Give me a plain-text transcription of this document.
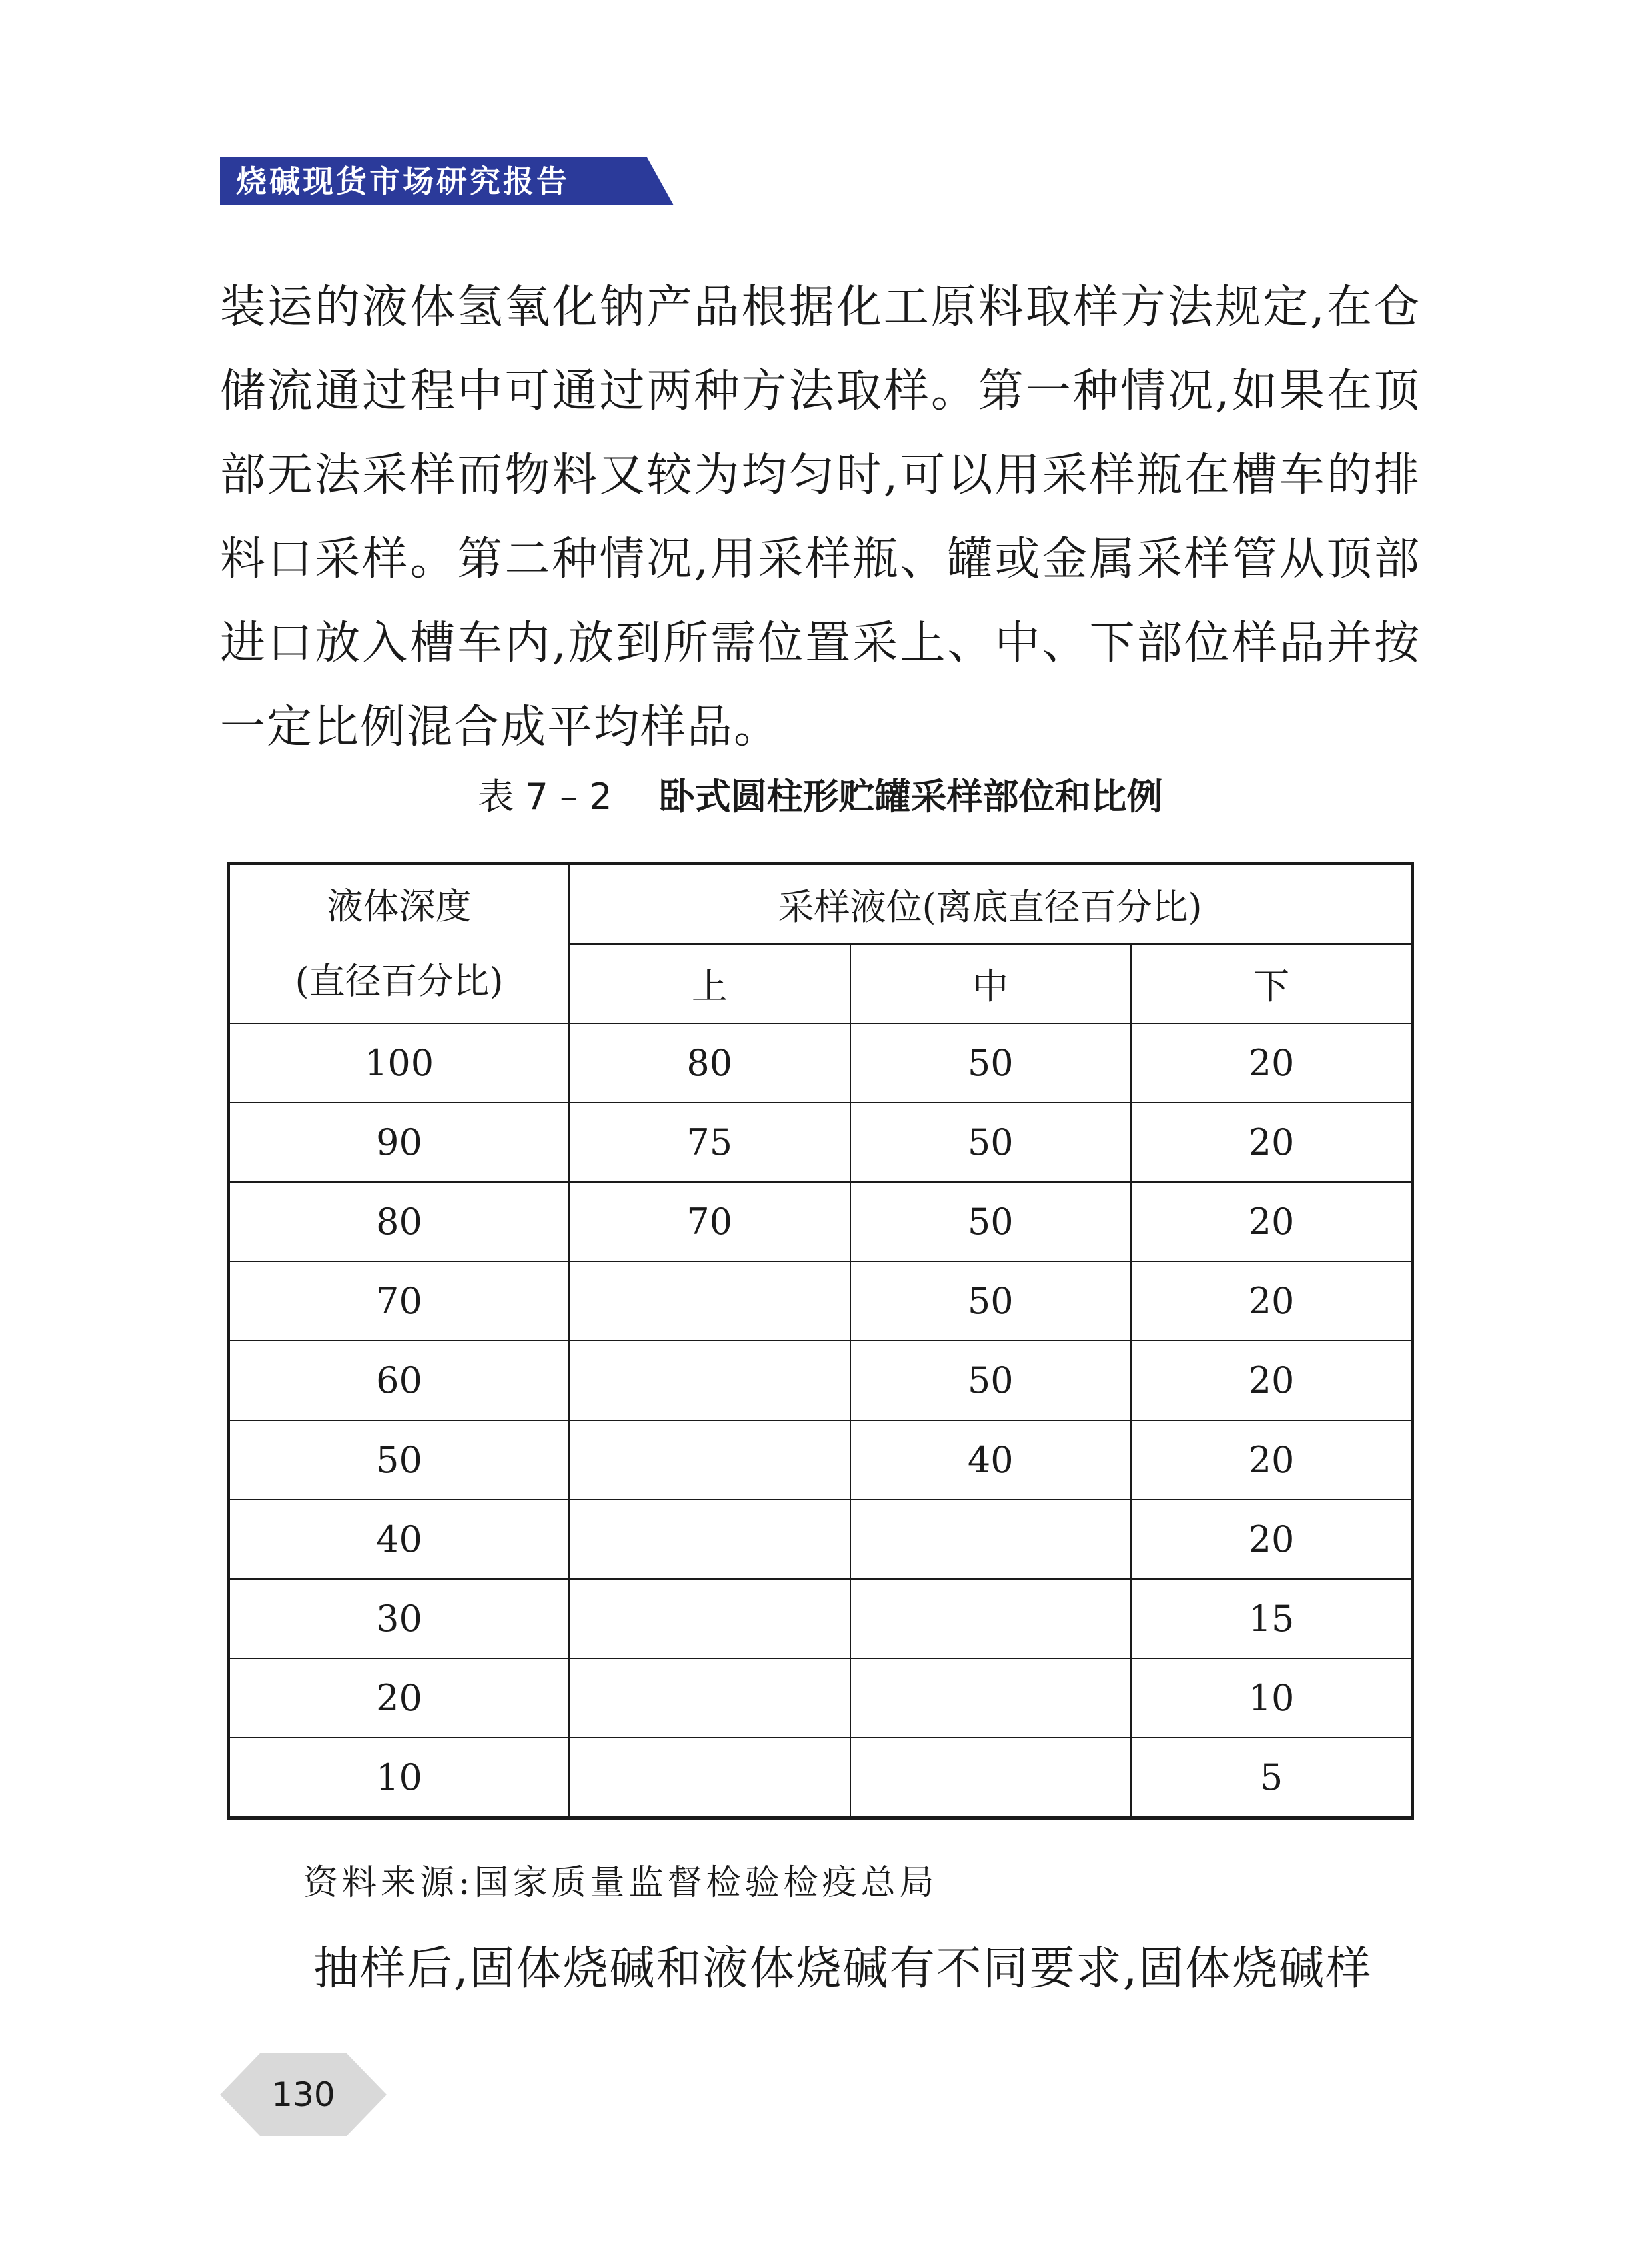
烧碱现货市场研究报告

装运的液体氢氧化钠产品根据化工原料取样方法规定,在仓储流通过程中可通过两种方法取样。第一种情况,如果在顶部无法采样而物料又较为均匀时,可以用采样瓶在槽车的排料口采样。第二种情况,用采样瓶、罐或金属采样管从顶部进口放入槽车内,放到所需位置采上、中、下部位样品并按一定比例混合成平均样品。

表 7 – 2 卧式圆柱形贮罐采样部位和比例
液体深度
(直径百分比)	采样液位(离底直径百分比)		
	上	中	下
100	80	50	20
90	75	50	20
80	70	50	20
70		50	20
60		50	20
50		40	20
40			20
30			15
20			10
10			5
资料来源:国家质量监督检验检疫总局
抽样后,固体烧碱和液体烧碱有不同要求,固体烧碱样
130
